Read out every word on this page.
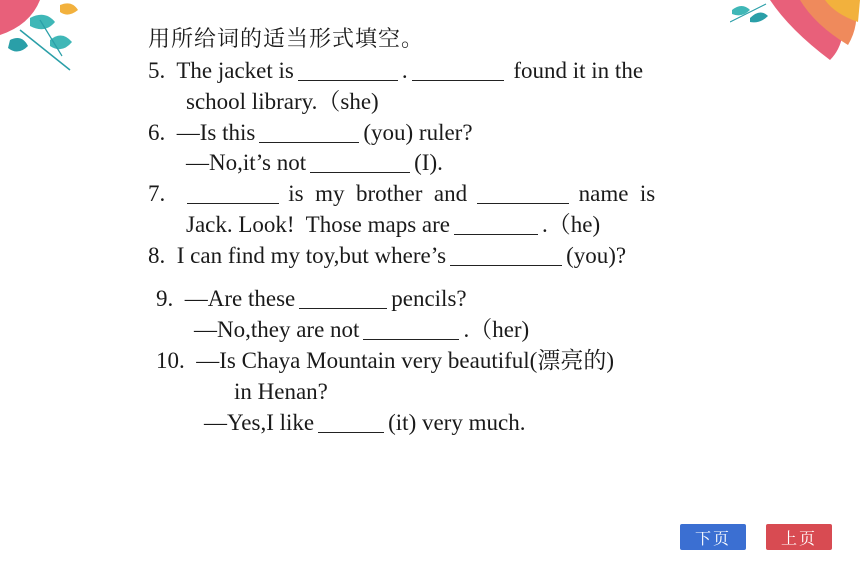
用所给词的适当形式填空。
5.  The jacket is	.	found it in the
school library.（she)
6.  —Is this	(you) ruler?
—No,it’s not	(I).
7.	is  my  brother  and	name  is
Jack. Look!  Those maps are	.（he)
8.  I can find my toy,but where’s	(you)?
9.  —Are these	pencils?
—No,they are not	.（her)
10.  —Is Chaya Mountain very beautiful(漂亮的)
in Henan?
—Yes,I like	(it) very much.
下页	上页
